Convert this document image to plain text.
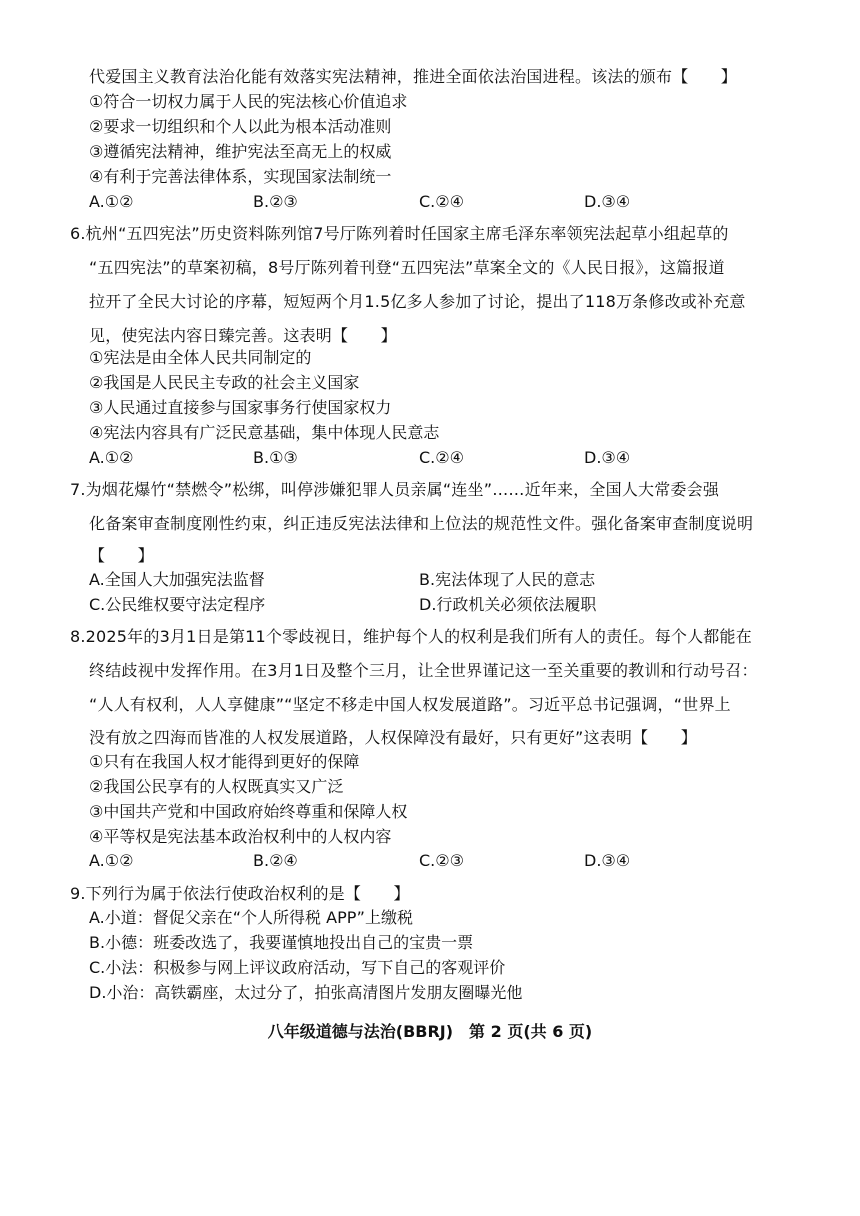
代爱国主义教育法治化能有效落实宪法精神，推进全面依法治国进程。该法的颁布【　　】
①符合一切权力属于人民的宪法核心价值追求
②要求一切组织和个人以此为根本活动准则
③遵循宪法精神，维护宪法至高无上的权威
④有利于完善法律体系，实现国家法制统一
A.①②	B.②③	C.②④	D.③④
6.杭州“五四宪法”历史资料陈列馆7号厅陈列着时任国家主席毛泽东率领宪法起草小组起草的
“五四宪法”的草案初稿，8号厅陈列着刊登“五四宪法”草案全文的《人民日报》，这篇报道
拉开了全民大讨论的序幕，短短两个月1.5亿多人参加了讨论，提出了118万条修改或补充意
见，使宪法内容日臻完善。这表明【　　】
①宪法是由全体人民共同制定的
②我国是人民民主专政的社会主义国家
③人民通过直接参与国家事务行使国家权力
④宪法内容具有广泛民意基础，集中体现人民意志
A.①②	B.①③	C.②④	D.③④
7.为烟花爆竹“禁燃令”松绑，叫停涉嫌犯罪人员亲属“连坐”……近年来，全国人大常委会强
化备案审查制度刚性约束，纠正违反宪法法律和上位法的规范性文件。强化备案审查制度说明
【　　】
A.全国人大加强宪法监督	B.宪法体现了人民的意志
C.公民维权要守法定程序	D.行政机关必须依法履职
8.2025年的3月1日是第11个零歧视日，维护每个人的权利是我们所有人的责任。每个人都能在
终结歧视中发挥作用。在3月1日及整个三月，让全世界谨记这一至关重要的教训和行动号召：
“人人有权利，人人享健康”“坚定不移走中国人权发展道路”。习近平总书记强调，“世界上
没有放之四海而皆准的人权发展道路，人权保障没有最好，只有更好”这表明【　　】
①只有在我国人权才能得到更好的保障
②我国公民享有的人权既真实又广泛
③中国共产党和中国政府始终尊重和保障人权
④平等权是宪法基本政治权利中的人权内容
A.①②	B.②④	C.②③	D.③④
9.下列行为属于依法行使政治权利的是【　　】
A.小道：督促父亲在“个人所得税 APP”上缴税
B.小德：班委改选了，我要谨慎地投出自己的宝贵一票
C.小法：积极参与网上评议政府活动，写下自己的客观评价
D.小治：高铁霸座，太过分了，拍张高清图片发朋友圈曝光他
八年级道德与法治(BBRJ)　第 2 页(共 6 页)
